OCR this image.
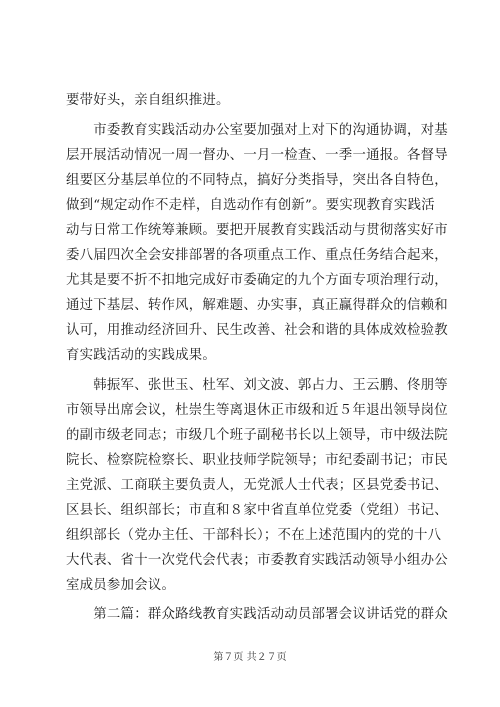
要带好头，亲自组织推进。
　　市委教育实践活动办公室要加强对上对下的沟通协调，对基
层开展活动情况一周一督办、一月一检查、一季一通报。各督导
组要区分基层单位的不同特点，搞好分类指导，突出各自特色，
做到“规定动作不走样，自选动作有创新”。要实现教育实践活
动与日常工作统筹兼顾。要把开展教育实践活动与贯彻落实好市
委八届四次全会安排部署的各项重点工作、重点任务结合起来，
尤其是要不折不扣地完成好市委确定的九个方面专项治理行动，
通过下基层、转作风，解难题、办实事，真正赢得群众的信赖和
认可，用推动经济回升、民生改善、社会和谐的具体成效检验教
育实践活动的实践成果。
　　韩振军、张世玉、杜军、刘文波、郭占力、王云鹏、佟朋等
市领导出席会议，杜崇生等离退休正市级和近５年退出领导岗位
的副市级老同志；市级几个班子副秘书长以上领导，市中级法院
院长、检察院检察长、职业技师学院领导；市纪委副书记；市民
主党派、工商联主要负责人，无党派人士代表；区县党委书记、
区县长、组织部长；市直和８家中省直单位党委（党组）书记、
组织部长（党办主任、干部科长）；不在上述范围内的党的十八
大代表、省十一次党代会代表；市委教育实践活动领导小组办公
室成员参加会议。
　　第二篇：群众路线教育实践活动动员部署会议讲话党的群众
第７页 共２７页
